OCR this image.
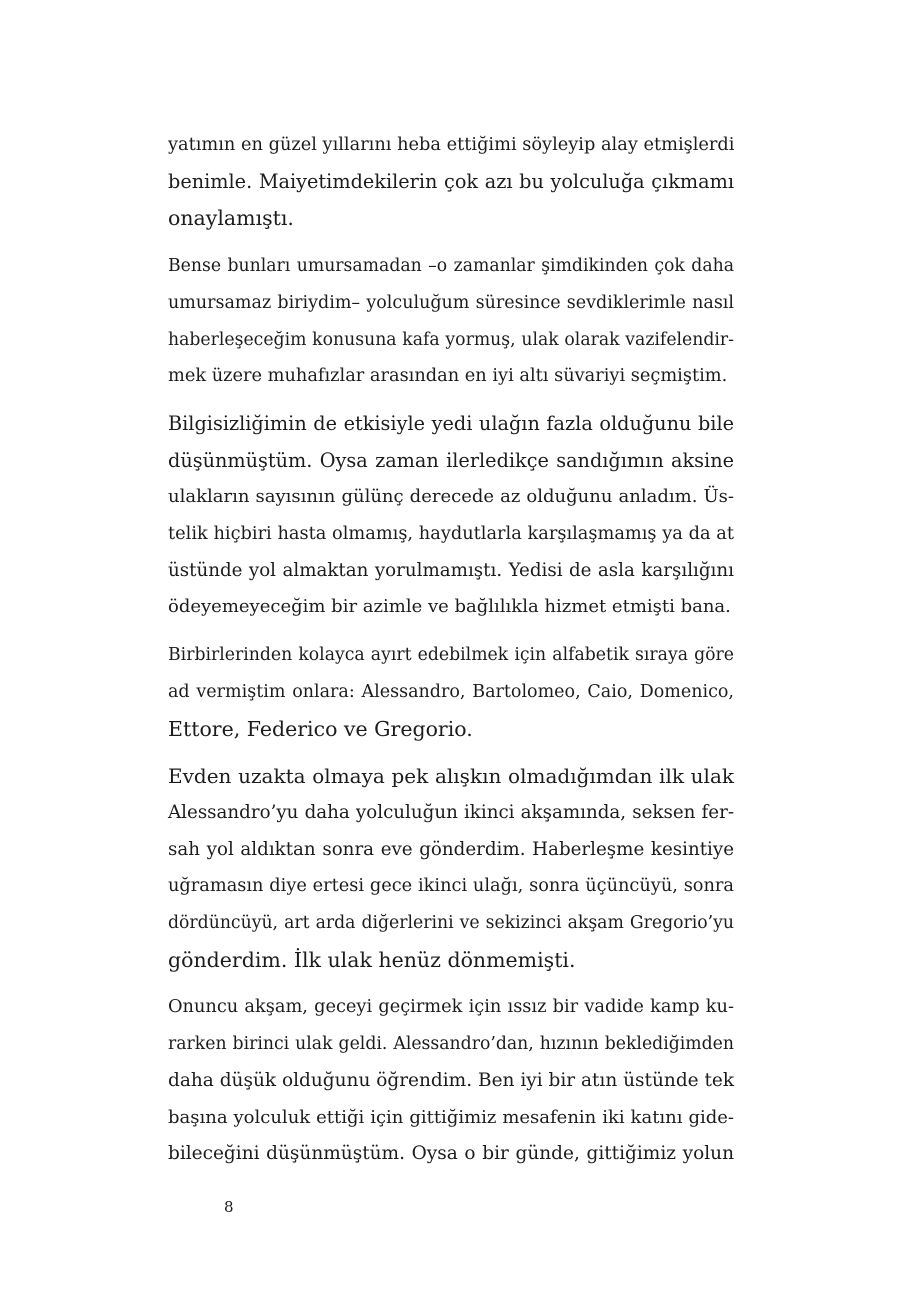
yatımın en güzel yıllarını heba ettiğimi söyleyip alay etmişlerdi
benimle. Maiyetimdekilerin çok azı bu yolculuğa çıkmamı
onaylamıştı.

Bense bunları umursamadan –o zamanlar şimdikinden çok daha
umursamaz biriydim– yolculuğum süresince sevdiklerimle nasıl
haberleşeceğim konusuna kafa yormuş, ulak olarak vazifelendir-
mek üzere muhafızlar arasından en iyi altı süvariyi seçmiştim.

Bilgisizliğimin de etkisiyle yedi ulağın fazla olduğunu bile
düşünmüştüm. Oysa zaman ilerledikçe sandığımın aksine
ulakların sayısının gülünç derecede az olduğunu anladım. Üs-
telik hiçbiri hasta olmamış, haydutlarla karşılaşmamış ya da at
üstünde yol almaktan yorulmamıştı. Yedisi de asla karşılığını
ödeyemeyeceğim bir azimle ve bağlılıkla hizmet etmişti bana.

Birbirlerinden kolayca ayırt edebilmek için alfabetik sıraya göre
ad vermiştim onlara: Alessandro, Bartolomeo, Caio, Domenico,
Ettore, Federico ve Gregorio.

Evden uzakta olmaya pek alışkın olmadığımdan ilk ulak
Alessandro’yu daha yolculuğun ikinci akşamında, seksen fer-
sah yol aldıktan sonra eve gönderdim. Haberleşme kesintiye
uğramasın diye ertesi gece ikinci ulağı, sonra üçüncüyü, sonra
dördüncüyü, art arda diğerlerini ve sekizinci akşam Gregorio’yu
gönderdim. İlk ulak henüz dönmemişti.

Onuncu akşam, geceyi geçirmek için ıssız bir vadide kamp ku-
rarken birinci ulak geldi. Alessandro’dan, hızının beklediğimden
daha düşük olduğunu öğrendim. Ben iyi bir atın üstünde tek
başına yolculuk ettiği için gittiğimiz mesafenin iki katını gide-
bileceğini düşünmüştüm. Oysa o bir günde, gittiğimiz yolun

8
